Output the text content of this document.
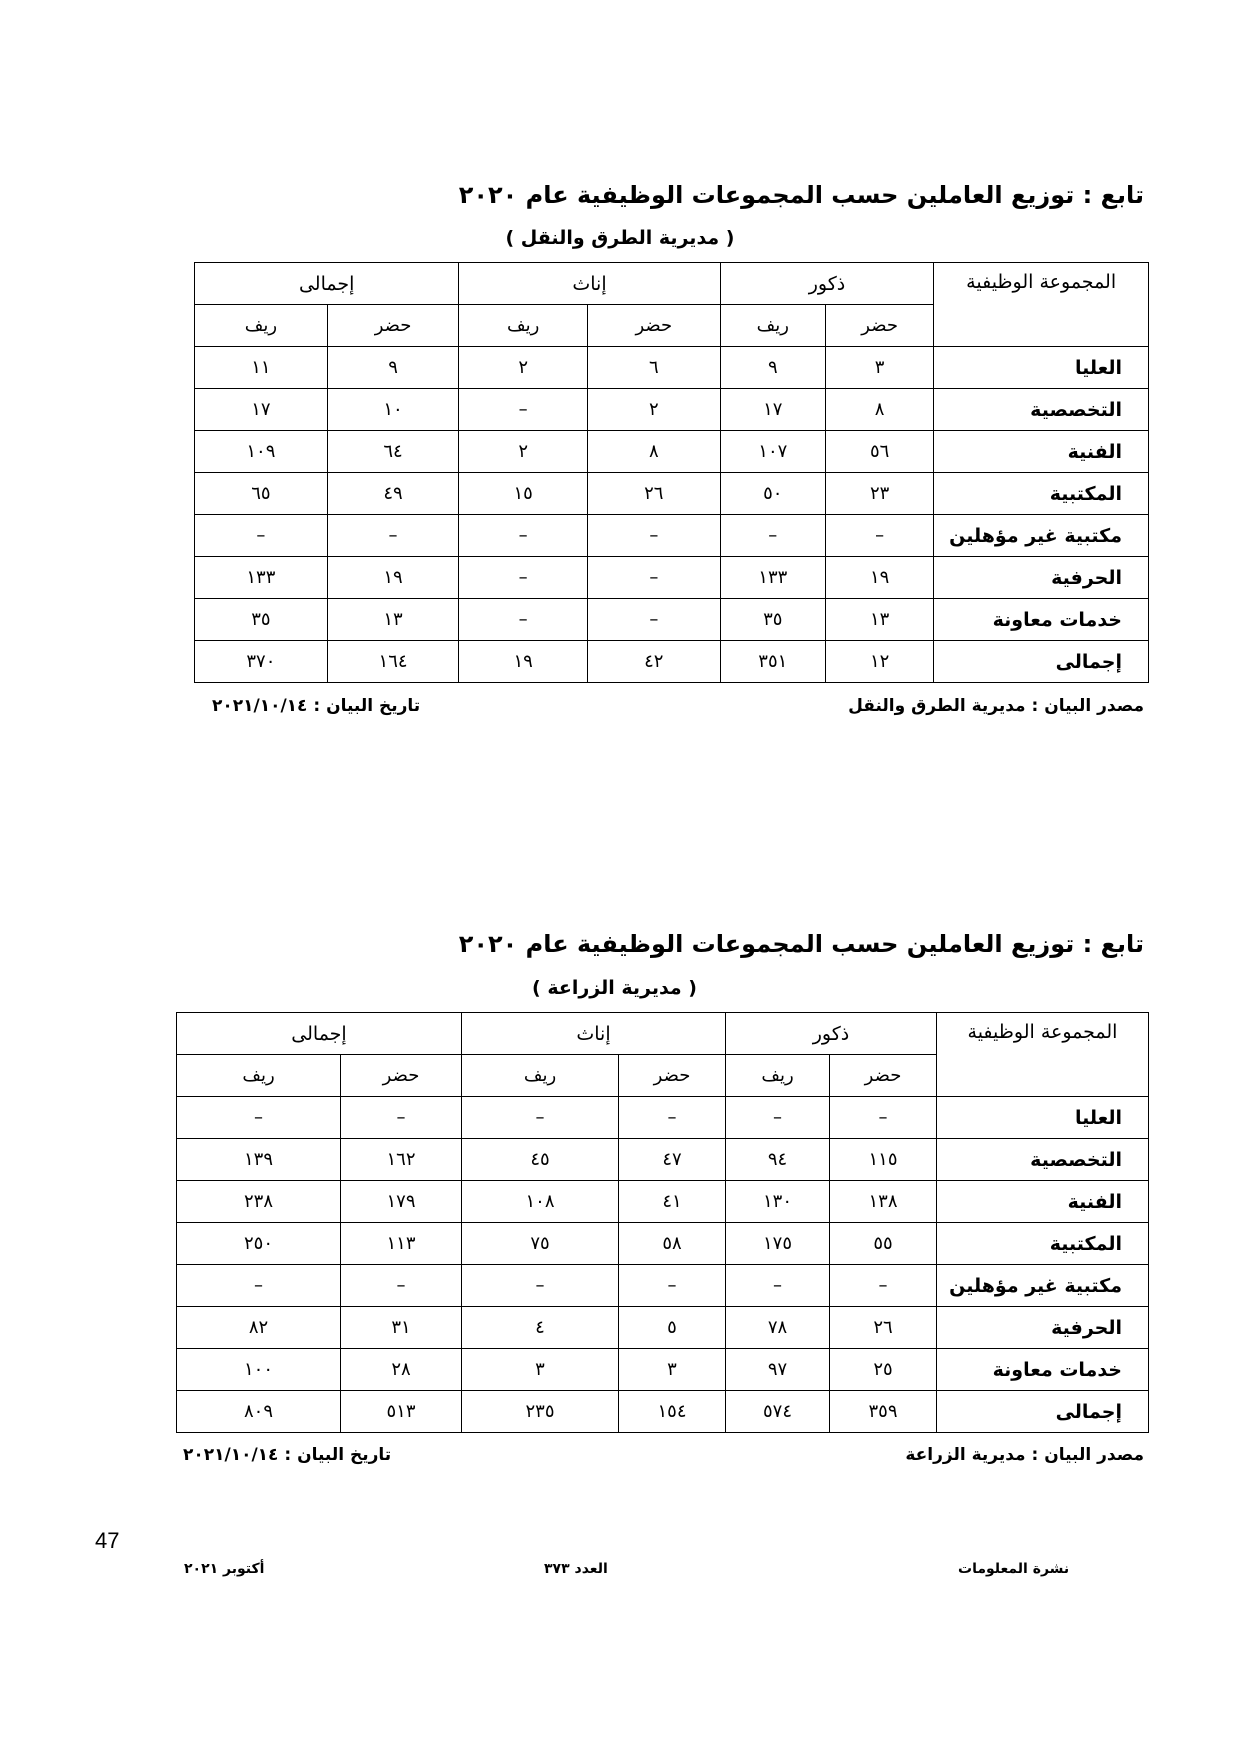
تابع : توزيع العاملين حسب المجموعات الوظيفية عام ٢٠٢٠
( مديرية الطرق والنقل )
المجموعة الوظيفية	ذكور		إناث		إجمالى	
	حضر	ريف	حضر	ريف	حضر	ريف
العليا	٣	٩	٦	٢	٩	١١
التخصصية	٨	١٧	٢	–	١٠	١٧
الفنية	٥٦	١٠٧	٨	٢	٦٤	١٠٩
المكتبية	٢٣	٥٠	٢٦	١٥	٤٩	٦٥
مكتبية غير مؤهلين	–	–	–	–	–	–
الحرفية	١٩	١٣٣	–	–	١٩	١٣٣
خدمات معاونة	١٣	٣٥	–	–	١٣	٣٥
إجمالى	١٢	٣٥١	٤٢	١٩	١٦٤	٣٧٠
مصدر البيان : مديرية الطرق والنقل
تاريخ البيان : ٢٠٢١/١٠/١٤
تابع : توزيع العاملين حسب المجموعات الوظيفية عام ٢٠٢٠
( مديرية الزراعة )
المجموعة الوظيفية	ذكور		إناث		إجمالى	
	حضر	ريف	حضر	ريف	حضر	ريف
العليا	–	–	–	–	–	–
التخصصية	١١٥	٩٤	٤٧	٤٥	١٦٢	١٣٩
الفنية	١٣٨	١٣٠	٤١	١٠٨	١٧٩	٢٣٨
المكتبية	٥٥	١٧٥	٥٨	٧٥	١١٣	٢٥٠
مكتبية غير مؤهلين	–	–	–	–	–	–
الحرفية	٢٦	٧٨	٥	٤	٣١	٨٢
خدمات معاونة	٢٥	٩٧	٣	٣	٢٨	١٠٠
إجمالى	٣٥٩	٥٧٤	١٥٤	٢٣٥	٥١٣	٨٠٩
مصدر البيان : مديرية الزراعة
تاريخ البيان : ٢٠٢١/١٠/١٤
47
نشرة المعلومات
العدد ٣٧٣
أكتوبر ٢٠٢١
